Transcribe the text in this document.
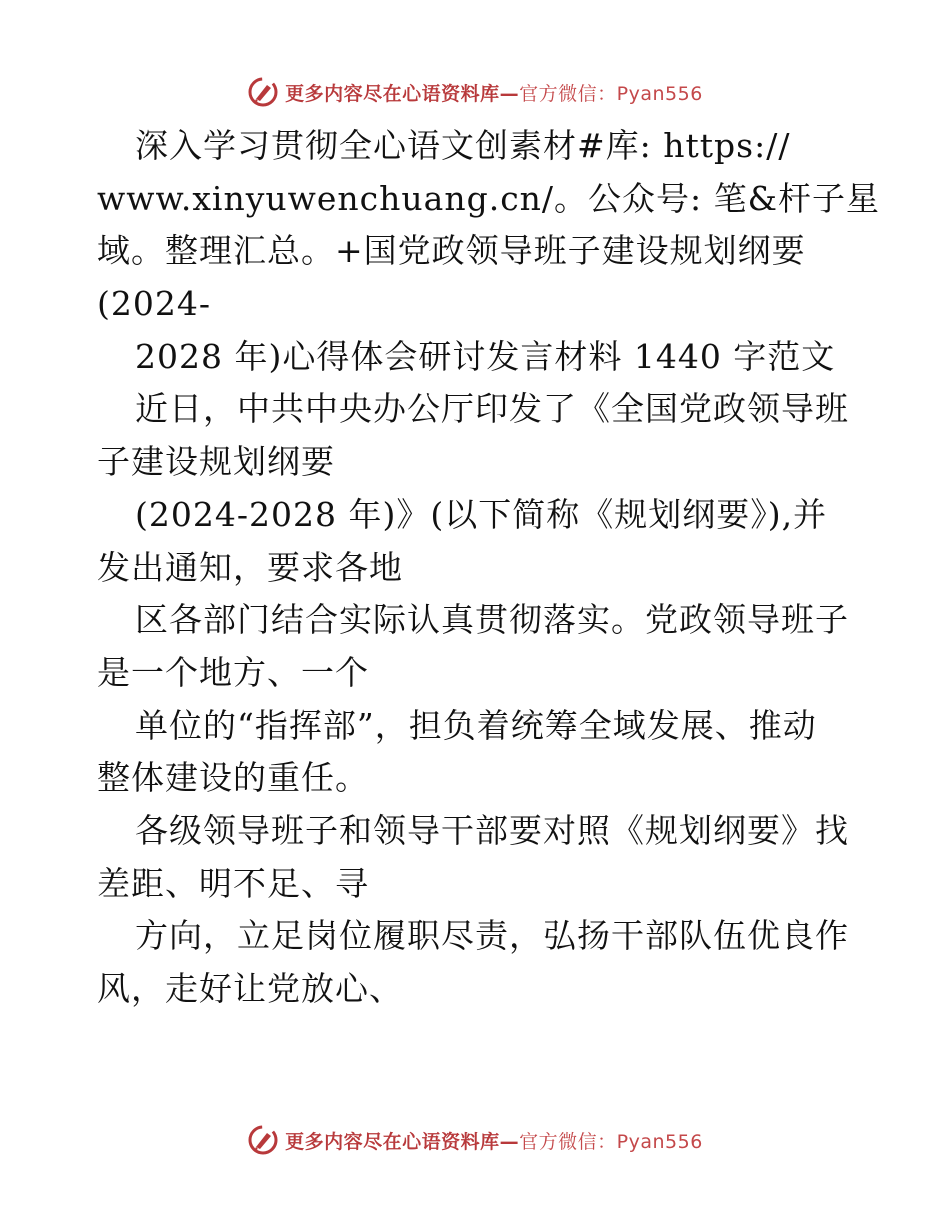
更多内容尽在心语资料库—官方微信：Pyan556
深入学习贯彻全心语文创素材#库: https://
www.xinyuwenchuang.cn/。公众号: 笔&杆子星
域。整理汇总。+国党政领导班子建设规划纲要
(2024-
2028 年)心得体会研讨发言材料 1440 字范文
近日，中共中央办公厅印发了《全国党政领导班
子建设规划纲要
(2024-2028 年)》(以下简称《规划纲要》),并
发出通知，要求各地
区各部门结合实际认真贯彻落实。党政领导班子
是一个地方、一个
单位的“指挥部”，担负着统筹全域发展、推动
整体建设的重任。
各级领导班子和领导干部要对照《规划纲要》找
差距、明不足、寻
方向，立足岗位履职尽责，弘扬干部队伍优良作
风，走好让党放心、
更多内容尽在心语资料库—官方微信：Pyan556
